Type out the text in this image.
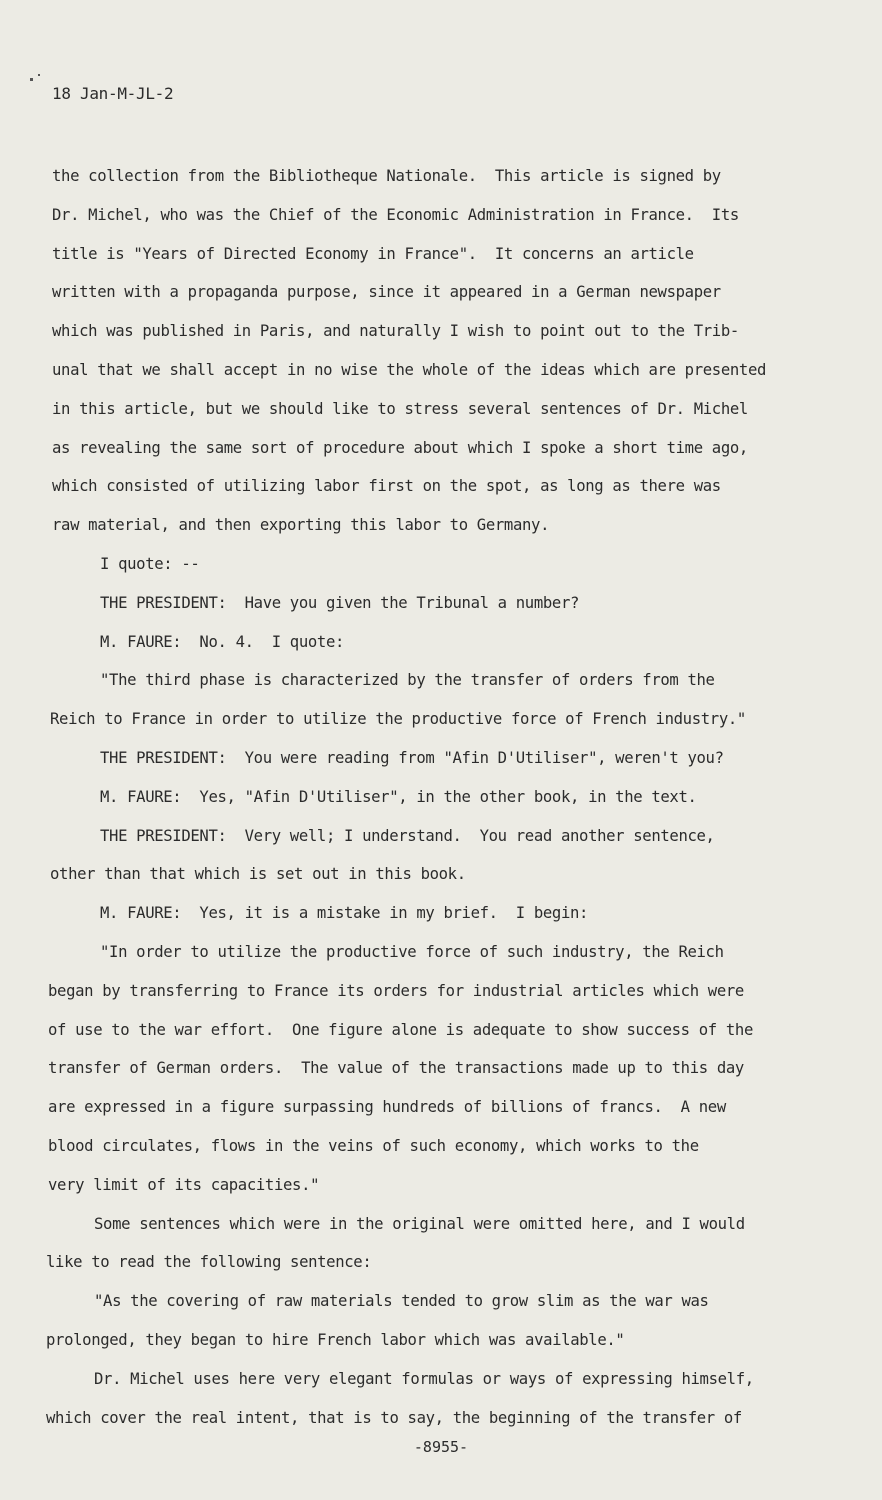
18 Jan-M-JL-2
the collection from the Bibliotheque Nationale.  This article is signed by
Dr. Michel, who was the Chief of the Economic Administration in France.  Its
title is "Years of Directed Economy in France".  It concerns an article
written with a propaganda purpose, since it appeared in a German newspaper
which was published in Paris, and naturally I wish to point out to the Trib-
unal that we shall accept in no wise the whole of the ideas which are presented
in this article, but we should like to stress several sentences of Dr. Michel
as revealing the same sort of procedure about which I spoke a short time ago,
which consisted of utilizing labor first on the spot, as long as there was
raw material, and then exporting this labor to Germany.
I quote: --
THE PRESIDENT:  Have you given the Tribunal a number?
M. FAURE:  No. 4.  I quote:
"The third phase is characterized by the transfer of orders from the
Reich to France in order to utilize the productive force of French industry."
THE PRESIDENT:  You were reading from "Afin D'Utiliser", weren't you?
M. FAURE:  Yes, "Afin D'Utiliser", in the other book, in the text.
THE PRESIDENT:  Very well; I understand.  You read another sentence,
other than that which is set out in this book.
M. FAURE:  Yes, it is a mistake in my brief.  I begin:
"In order to utilize the productive force of such industry, the Reich
began by transferring to France its orders for industrial articles which were
of use to the war effort.  One figure alone is adequate to show success of the
transfer of German orders.  The value of the transactions made up to this day
are expressed in a figure surpassing hundreds of billions of francs.  A new
blood circulates, flows in the veins of such economy, which works to the
very limit of its capacities."
Some sentences which were in the original were omitted here, and I would
like to read the following sentence:
"As the covering of raw materials tended to grow slim as the war was
prolonged, they began to hire French labor which was available."
Dr. Michel uses here very elegant formulas or ways of expressing himself,
which cover the real intent, that is to say, the beginning of the transfer of
-8955-
